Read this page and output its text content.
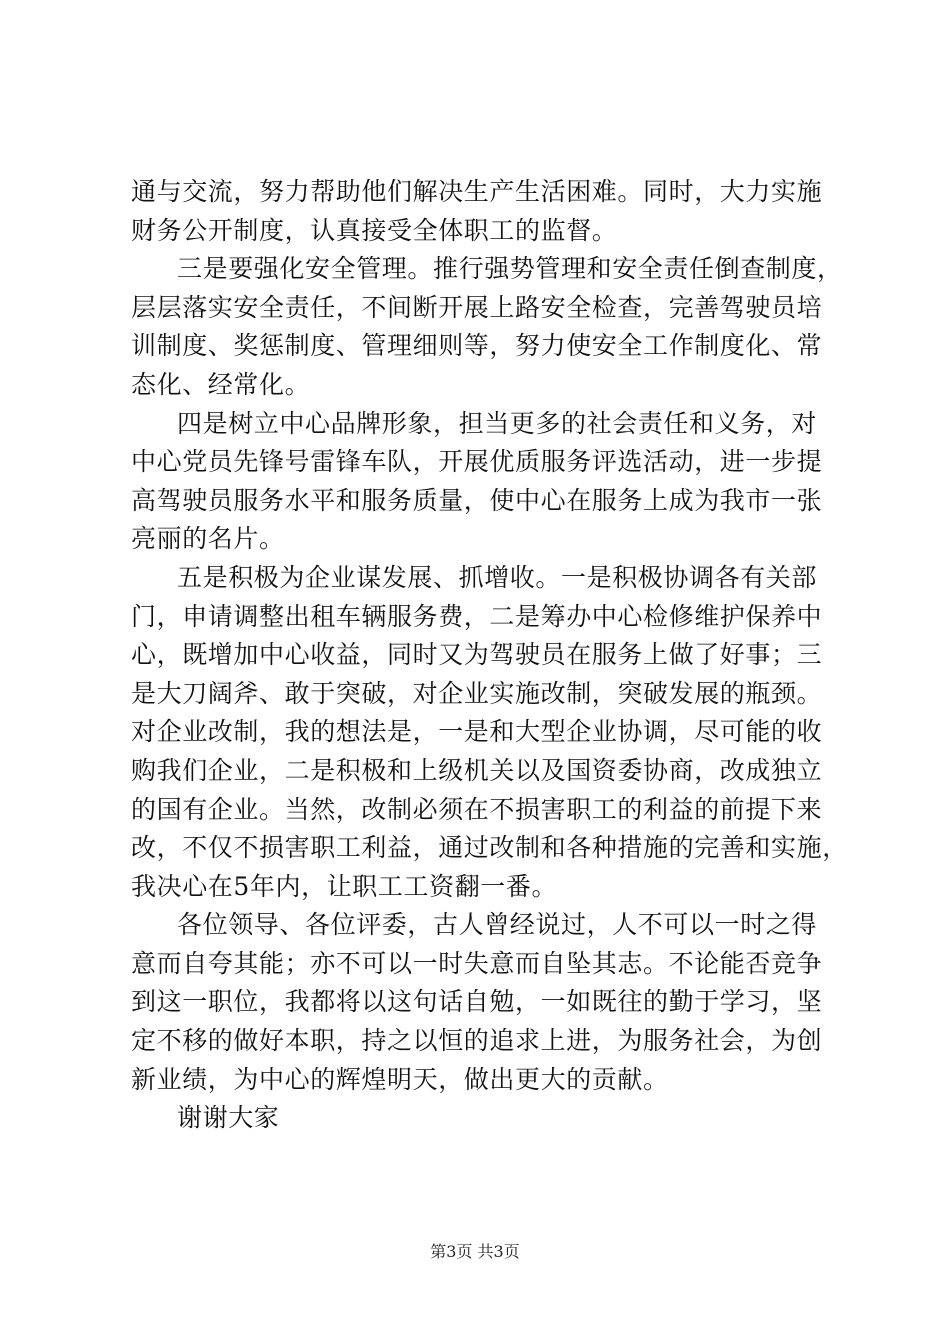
通与交流，努力帮助他们解决生产生活困难。同时，大力实施
财务公开制度，认真接受全体职工的监督。
三是要强化安全管理。推行强势管理和安全责任倒查制度，
层层落实安全责任，不间断开展上路安全检查，完善驾驶员培
训制度、奖惩制度、管理细则等，努力使安全工作制度化、常
态化、经常化。
四是树立中心品牌形象，担当更多的社会责任和义务，对
中心党员先锋号雷锋车队，开展优质服务评选活动，进一步提
高驾驶员服务水平和服务质量，使中心在服务上成为我市一张
亮丽的名片。
五是积极为企业谋发展、抓增收。一是积极协调各有关部
门，申请调整出租车辆服务费，二是筹办中心检修维护保养中
心，既增加中心收益，同时又为驾驶员在服务上做了好事；三
是大刀阔斧、敢于突破，对企业实施改制，突破发展的瓶颈。
对企业改制，我的想法是，一是和大型企业协调，尽可能的收
购我们企业，二是积极和上级机关以及国资委协商，改成独立
的国有企业。当然，改制必须在不损害职工的利益的前提下来
改，不仅不损害职工利益，通过改制和各种措施的完善和实施，
我决心在5年内，让职工工资翻一番。
各位领导、各位评委，古人曾经说过，人不可以一时之得
意而自夸其能；亦不可以一时失意而自坠其志。不论能否竞争
到这一职位，我都将以这句话自勉，一如既往的勤于学习，坚
定不移的做好本职，持之以恒的追求上进，为服务社会，为创
新业绩，为中心的辉煌明天，做出更大的贡献。
谢谢大家
第3页 共3页
